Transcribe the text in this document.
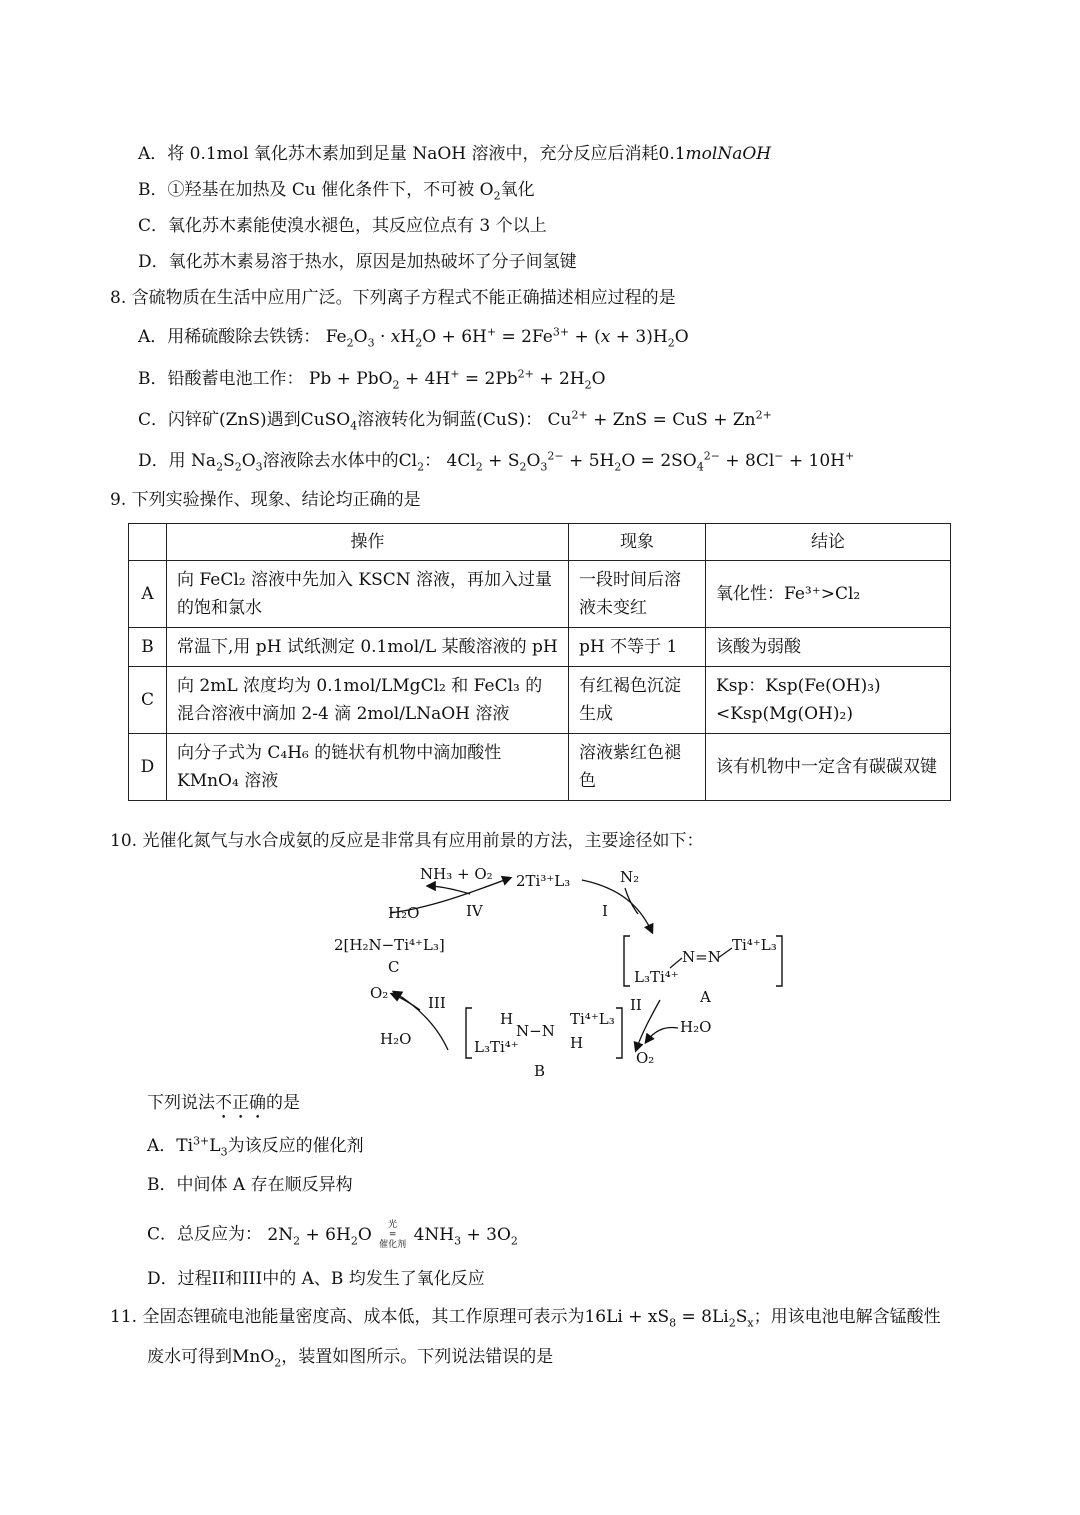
A．将 0.1mol 氧化苏木素加到足量 NaOH 溶液中，充分反应后消耗0.1molNaOH
B．①羟基在加热及 Cu 催化条件下，不可被 $O_2$氧化
C．氧化苏木素能使溴水褪色，其反应位点有 3 个以上
D．氧化苏木素易溶于热水，原因是加热破坏了分子间氢键
8. 含硫物质在生活中应用广泛。下列离子方程式不能正确描述相应过程的是
A．用稀硫酸除去铁锈： $Fe_2O_3 \cdot xH_2O + 6H^+ = 2Fe^{3+} + (x + 3)H_2O$
B．铅酸蓄电池工作： $Pb + PbO_2 + 4H^+ = 2Pb^{2+} + 2H_2O$
C．闪锌矿(ZnS)遇到CuSO$_4$溶液转化为铜蓝(CuS)： $Cu^{2+}$ + ZnS = CuS + $Zn^{2+}$
D．用 $Na_2S_2O_3$溶液除去水体中的$Cl_2$： $4Cl_2 + S_2O_3^{2-} + 5H_2O = 2SO_4^{2-} + 8Cl^- + 10H^+$
9. 下列实验操作、现象、结论均正确的是
	操作	现象	结论
A	向 FeCl₂ 溶液中先加入 KSCN 溶液，再加入过量的饱和氯水	一段时间后溶液未变红	氧化性：Fe³⁺>Cl₂
B	常温下,用 pH 试纸测定 0.1mol/L 某酸溶液的 pH	pH 不等于 1	该酸为弱酸
C	向 2mL 浓度均为 0.1mol/LMgCl₂ 和 FeCl₃ 的混合溶液中滴加 2-4 滴 2mol/LNaOH 溶液	有红褐色沉淀生成	Ksp：Ksp(Fe(OH)₃)<Ksp(Mg(OH)₂)
D	向分子式为 C₄H₆ 的链状有机物中滴加酸性 KMnO₄ 溶液	溶液紫红色褪色	该有机物中一定含有碳碳双键
10. 光催化氮气与水合成氨的反应是非常具有应用前景的方法，主要途径如下：
NH₃ + O₂ 2Ti³⁺L₃	N₂
IV
H₂O	I
2[H₂N−Ti⁴⁺L₃]
C
N=N
Ti⁴⁺L₃
L₃Ti⁴⁺
A
II
H₂O
O₂
H
N−N
Ti⁴⁺L₃
H
L₃Ti⁴⁺
B
III
O₂
H₂O
下列说法不正确的是
A．$Ti^{3+}L_3$为该反应的催化剂
B．中间体 A 存在顺反异构
C．总反应为： $2N_2 + 6H_2O$ 光
=
催化剂 $4NH_3 + 3O_2$
D．过程II和III中的 A、B 均发生了氧化反应
11. 全固态锂硫电池能量密度高、成本低，其工作原理可表示为$16Li + xS_8 = 8Li_2S_x$；用该电池电解含锰酸性
废水可得到MnO$_2$，装置如图所示。下列说法错误的是
